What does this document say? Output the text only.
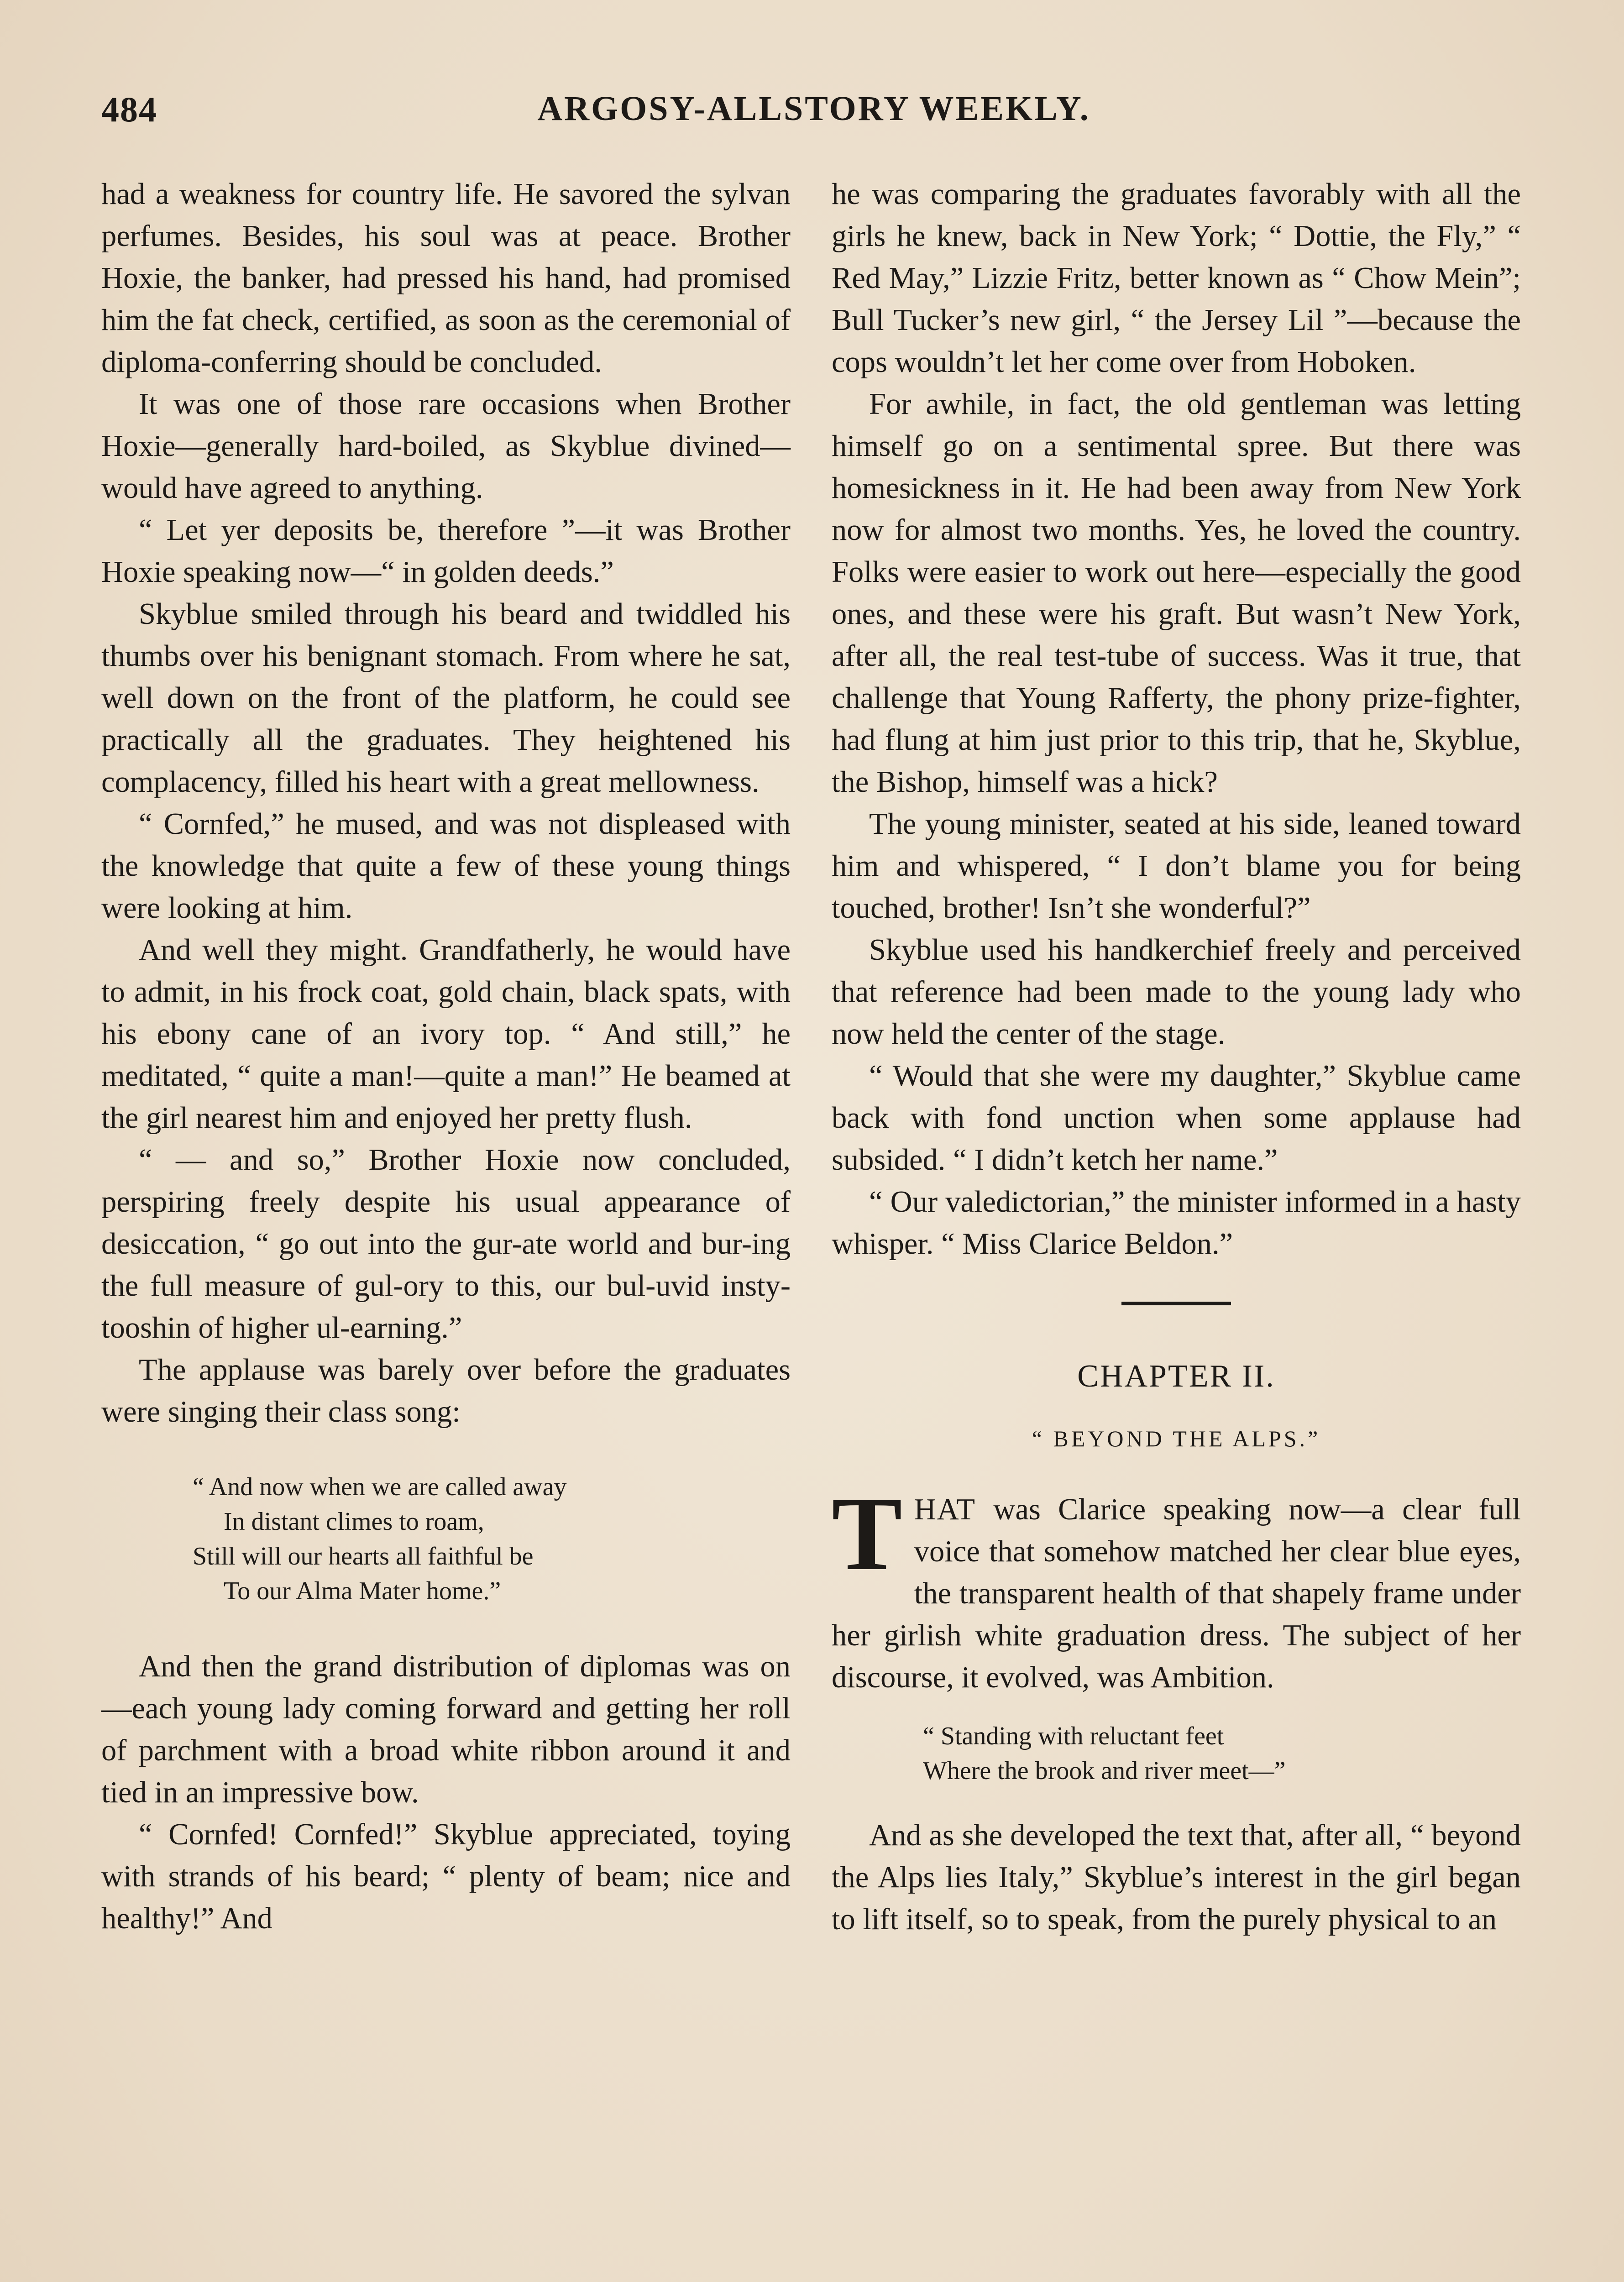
484	ARGOSY-ALLSTORY WEEKLY.

had a weakness for country life. He savored the sylvan perfumes. Besides, his soul was at peace. Brother Hoxie, the banker, had pressed his hand, had promised him the fat check, certified, as soon as the ceremonial of diploma-conferring should be concluded.

It was one of those rare occasions when Brother Hoxie—generally hard-boiled, as Skyblue divined—would have agreed to anything.

“ Let yer deposits be, therefore ”—it was Brother Hoxie speaking now—“ in golden deeds.”

Skyblue smiled through his beard and twiddled his thumbs over his benignant stomach. From where he sat, well down on the front of the platform, he could see practically all the graduates. They heightened his complacency, filled his heart with a great mellowness.

“ Cornfed,” he mused, and was not displeased with the knowledge that quite a few of these young things were looking at him.

And well they might. Grandfatherly, he would have to admit, in his frock coat, gold chain, black spats, with his ebony cane of an ivory top. “ And still,” he meditated, “ quite a man!—quite a man!” He beamed at the girl nearest him and enjoyed her pretty flush.

“ — and so,” Brother Hoxie now concluded, perspiring freely despite his usual appearance of desiccation, “ go out into the gur-ate world and bur-ing the full measure of gul-ory to this, our bul-uvid insty-tooshin of higher ul-earning.”

The applause was barely over before the graduates were singing their class song:

“ And now when we are called away
In distant climes to roam,
Still will our hearts all faithful be
To our Alma Mater home.”

And then the grand distribution of diplomas was on—each young lady coming forward and getting her roll of parchment with a broad white ribbon around it and tied in an impressive bow.

“ Cornfed! Cornfed!” Skyblue appreciated, toying with strands of his beard; “ plenty of beam; nice and healthy!” And

he was comparing the graduates favorably with all the girls he knew, back in New York; “ Dottie, the Fly,” “ Red May,” Lizzie Fritz, better known as “ Chow Mein”; Bull Tucker’s new girl, “ the Jersey Lil ”—because the cops wouldn’t let her come over from Hoboken.

For awhile, in fact, the old gentleman was letting himself go on a sentimental spree. But there was homesickness in it. He had been away from New York now for almost two months. Yes, he loved the country. Folks were easier to work out here—especially the good ones, and these were his graft. But wasn’t New York, after all, the real test-tube of success. Was it true, that challenge that Young Rafferty, the phony prize-fighter, had flung at him just prior to this trip, that he, Skyblue, the Bishop, himself was a hick?

The young minister, seated at his side, leaned toward him and whispered, “ I don’t blame you for being touched, brother! Isn’t she wonderful?”

Skyblue used his handkerchief freely and perceived that reference had been made to the young lady who now held the center of the stage.

“ Would that she were my daughter,” Skyblue came back with fond unction when some applause had subsided. “ I didn’t ketch her name.”

“ Our valedictorian,” the minister informed in a hasty whisper. “ Miss Clarice Beldon.”

CHAPTER II.
“ BEYOND THE ALPS.”

THAT was Clarice speaking now—a clear full voice that somehow matched her clear blue eyes, the transparent health of that shapely frame under her girlish white graduation dress. The subject of her discourse, it evolved, was Ambition.

“ Standing with reluctant feet
Where the brook and river meet—”

And as she developed the text that, after all, “ beyond the Alps lies Italy,” Skyblue’s interest in the girl began to lift itself, so to speak, from the purely physical to an
